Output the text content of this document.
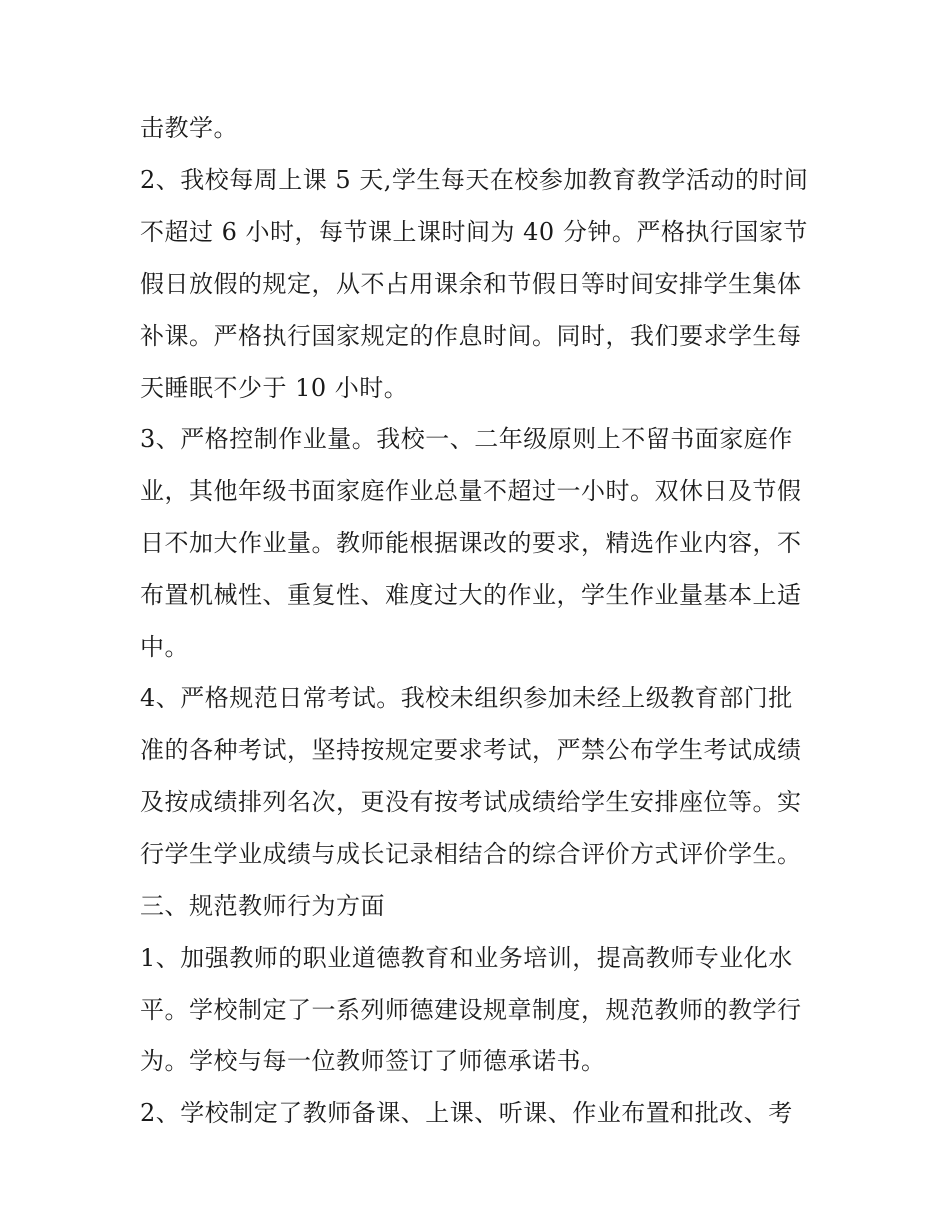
击教学。
2、我校每周上课 5 天,学生每天在校参加教育教学活动的时间
不超过 6 小时，每节课上课时间为 40 分钟。严格执行国家节
假日放假的规定，从不占用课余和节假日等时间安排学生集体
补课。严格执行国家规定的作息时间。同时，我们要求学生每
天睡眠不少于 10 小时。
3、严格控制作业量。我校一、二年级原则上不留书面家庭作
业，其他年级书面家庭作业总量不超过一小时。双休日及节假
日不加大作业量。教师能根据课改的要求，精选作业内容，不
布置机械性、重复性、难度过大的作业，学生作业量基本上适
中。
4、严格规范日常考试。我校未组织参加未经上级教育部门批
准的各种考试，坚持按规定要求考试，严禁公布学生考试成绩
及按成绩排列名次，更没有按考试成绩给学生安排座位等。实
行学生学业成绩与成长记录相结合的综合评价方式评价学生。
三、规范教师行为方面
1、加强教师的职业道德教育和业务培训，提高教师专业化水
平。学校制定了一系列师德建设规章制度，规范教师的教学行
为。学校与每一位教师签订了师德承诺书。
2、学校制定了教师备课、上课、听课、作业布置和批改、考
